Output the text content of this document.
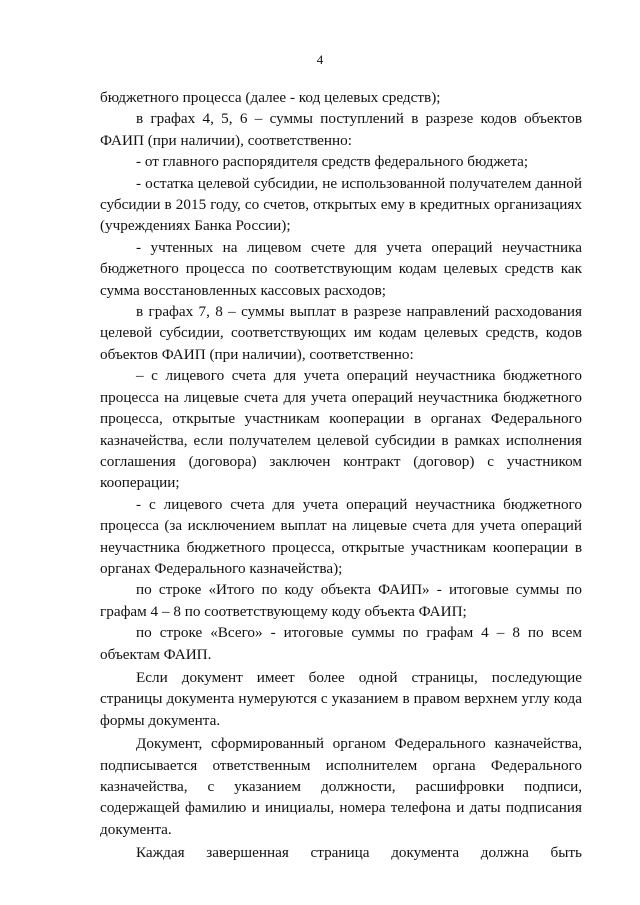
4

бюджетного процесса (далее - код целевых средств);

в графах 4, 5, 6 – суммы поступлений в разрезе кодов объектов ФАИП (при наличии), соответственно:

- от главного распорядителя средств федерального бюджета;

- остатка целевой субсидии, не использованной получателем данной субсидии в 2015 году, со счетов, открытых ему в кредитных организациях (учреждениях Банка России);

- учтенных на лицевом счете для учета операций неучастника бюджетного процесса по соответствующим кодам целевых средств как сумма восстановленных кассовых расходов;

в графах 7, 8 – суммы выплат в разрезе направлений расходования целевой субсидии, соответствующих им кодам целевых средств, кодов объектов ФАИП (при наличии), соответственно:

– с лицевого счета для учета операций неучастника бюджетного процесса на лицевые счета для учета операций неучастника бюджетного процесса, открытые участникам кооперации в органах Федерального казначейства, если получателем целевой субсидии в рамках исполнения соглашения (договора) заключен контракт (договор) с участником кооперации;

- с лицевого счета для учета операций неучастника бюджетного процесса (за исключением выплат на лицевые счета для учета операций неучастника бюджетного процесса, открытые участникам кооперации в органах Федерального казначейства);

по строке «Итого по коду объекта ФАИП» - итоговые суммы по графам 4 – 8 по соответствующему коду объекта ФАИП;

по строке «Всего» - итоговые суммы по графам 4 – 8 по всем объектам ФАИП.

Если документ имеет более одной страницы, последующие страницы документа нумеруются с указанием в правом верхнем углу кода формы документа.

Документ, сформированный органом Федерального казначейства, подписывается ответственным исполнителем органа Федерального казначейства, с указанием должности, расшифровки подписи, содержащей фамилию и инициалы, номера телефона и даты подписания документа.

Каждая завершенная страница документа должна быть
